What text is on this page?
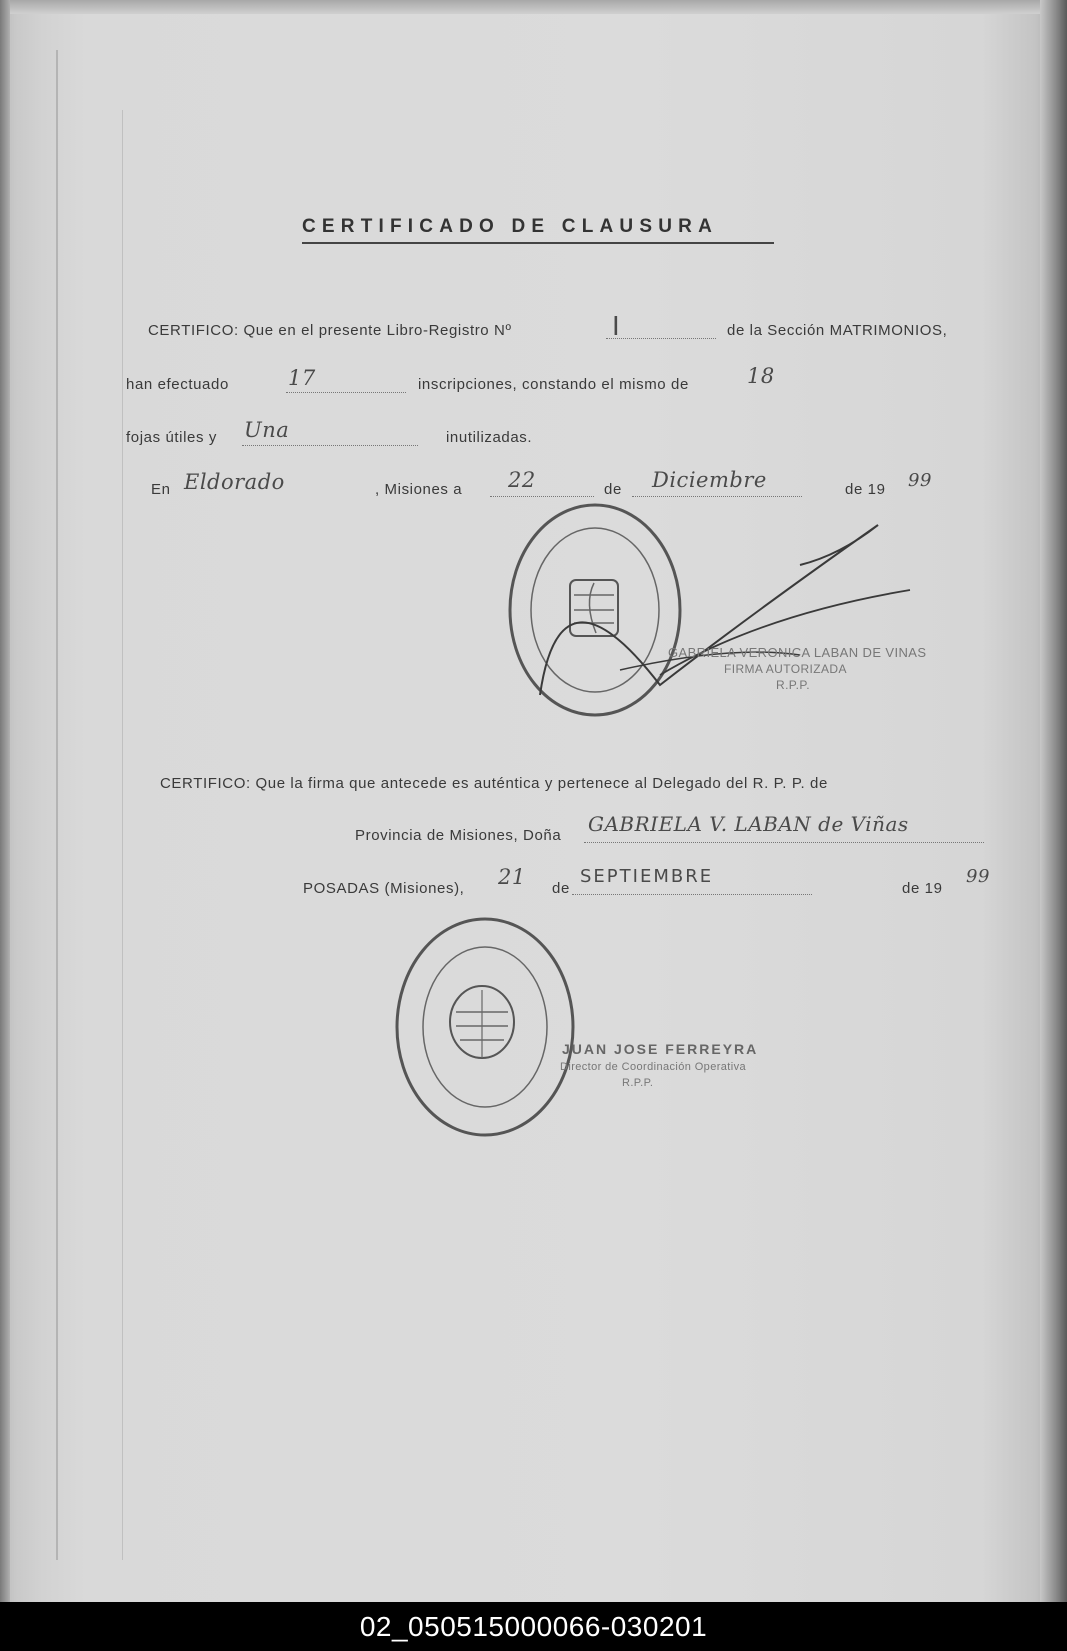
CERTIFICADO DE CLAUSURA
CERTIFICO: Que en el presente Libro-Registro Nº	I	de la Sección MATRIMONIOS,
han efectuado	17	inscripciones, constando el mismo de	18
fojas útiles y Una	inutilizadas.
En Eldorado	, Misiones a 22	de Diciembre	de 19 99
GABRIELA VERONICA LABAN DE VINAS
FIRMA AUTORIZADA
R.P.P.
CERTIFICO: Que la firma que antecede es auténtica y pertenece al Delegado del R. P. P. de
Provincia de Misiones, Doña GABRIELA V. LABAN de Viñas
POSADAS (Misiones), 21 de
SEPTIEMBRE
de 19
99
JUAN JOSE FERREYRA
Director de Coordinación Operativa
R.P.P.
02_050515000066-030201
